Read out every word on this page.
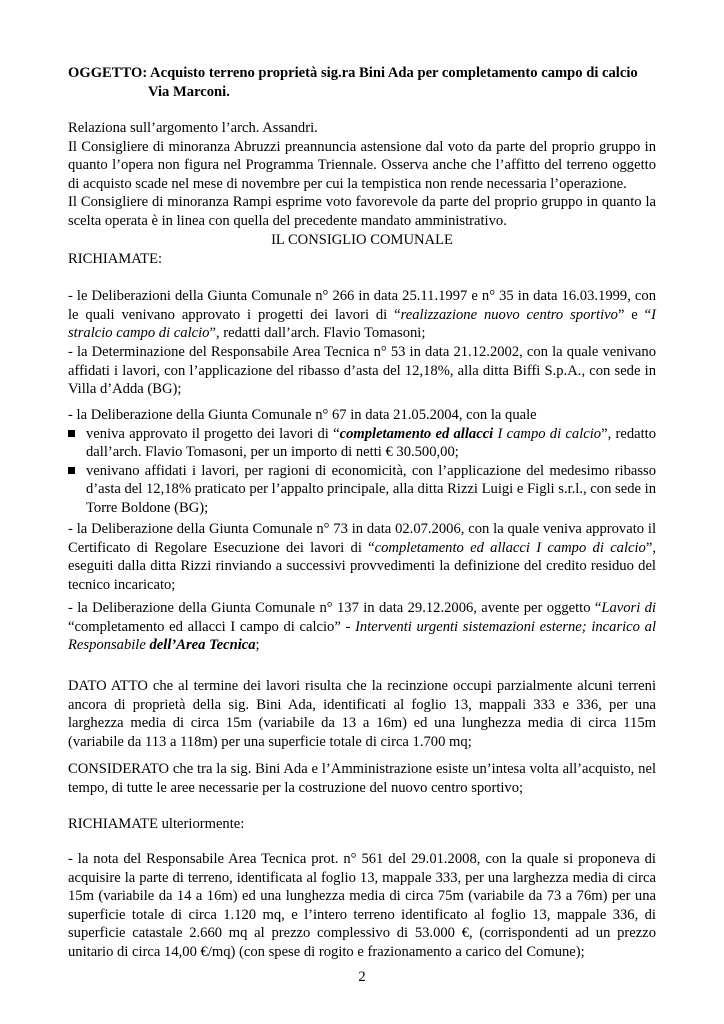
OGGETTO: Acquisto terreno proprietà sig.ra Bini Ada per completamento campo di calcio
Via Marconi.

Relaziona sull’argomento l’arch. Assandri.
Il Consigliere di minoranza Abruzzi preannuncia astensione dal voto da parte del proprio gruppo in quanto l’opera non figura nel Programma Triennale. Osserva anche che l’affitto del terreno oggetto di acquisto scade nel mese di novembre per cui la tempistica non rende necessaria l’operazione.
Il Consigliere di minoranza Rampi esprime voto favorevole da parte del proprio gruppo in quanto la scelta operata è in linea con quella del precedente mandato amministrativo.
IL CONSIGLIO COMUNALE
RICHIAMATE:

- le Deliberazioni della Giunta Comunale n° 266 in data 25.11.1997 e n° 35 in data 16.03.1999, con le quali venivano approvato i progetti dei lavori di “realizzazione nuovo centro sportivo” e “I stralcio campo di calcio”, redatti dall’arch. Flavio Tomasoni;

- la Determinazione del Responsabile Area Tecnica n° 53 in data 21.12.2002, con la quale venivano affidati i lavori, con l’applicazione del ribasso d’asta del 12,18%, alla ditta Biffi S.p.A., con sede in Villa d’Adda (BG);

- la Deliberazione della Giunta Comunale n° 67 in data 21.05.2004, con la quale
veniva approvato il progetto dei lavori di “completamento ed allacci I campo di calcio”, redatto dall’arch. Flavio Tomasoni, per un importo di netti € 30.500,00;
venivano affidati i lavori, per ragioni di economicità, con l’applicazione del medesimo ribasso d’asta del 12,18% praticato per l’appalto principale, alla ditta Rizzi Luigi e Figli s.r.l., con sede in Torre Boldone (BG);

- la Deliberazione della Giunta Comunale n° 73 in data 02.07.2006, con la quale veniva approvato il Certificato di Regolare Esecuzione dei lavori di “completamento ed allacci I campo di calcio”, eseguiti dalla ditta Rizzi rinviando a successivi provvedimenti la definizione del credito residuo del tecnico incaricato;

- la Deliberazione della Giunta Comunale n° 137 in data 29.12.2006, avente per oggetto “Lavori di “completamento ed allacci I campo di calcio” - Interventi urgenti sistemazioni esterne; incarico al Responsabile dell’Area Tecnica;

DATO ATTO che al termine dei lavori risulta che la recinzione occupi parzialmente alcuni terreni ancora di proprietà della sig. Bini Ada, identificati al foglio 13, mappali 333 e 336, per una larghezza media di circa 15m (variabile da 13 a 16m) ed una lunghezza media di circa 115m (variabile da 113 a 118m) per una superficie totale di circa 1.700 mq;

CONSIDERATO che tra la sig. Bini Ada e l’Amministrazione esiste un’intesa volta all’acquisto, nel tempo, di tutte le aree necessarie per la costruzione del nuovo centro sportivo;

RICHIAMATE ulteriormente:

- la nota del Responsabile Area Tecnica prot. n° 561 del 29.01.2008, con la quale si proponeva di acquisire la parte di terreno, identificata al foglio 13, mappale 333, per una larghezza media di circa 15m (variabile da 14 a 16m) ed una lunghezza media di circa 75m (variabile da 73 a 76m) per una superficie totale di circa 1.120 mq, e l’intero terreno identificato al foglio 13, mappale 336, di superficie catastale 2.660 mq al prezzo complessivo di 53.000 €, (corrispondenti ad un prezzo unitario di circa 14,00 €/mq) (con spese di rogito e frazionamento a carico del Comune);

2
